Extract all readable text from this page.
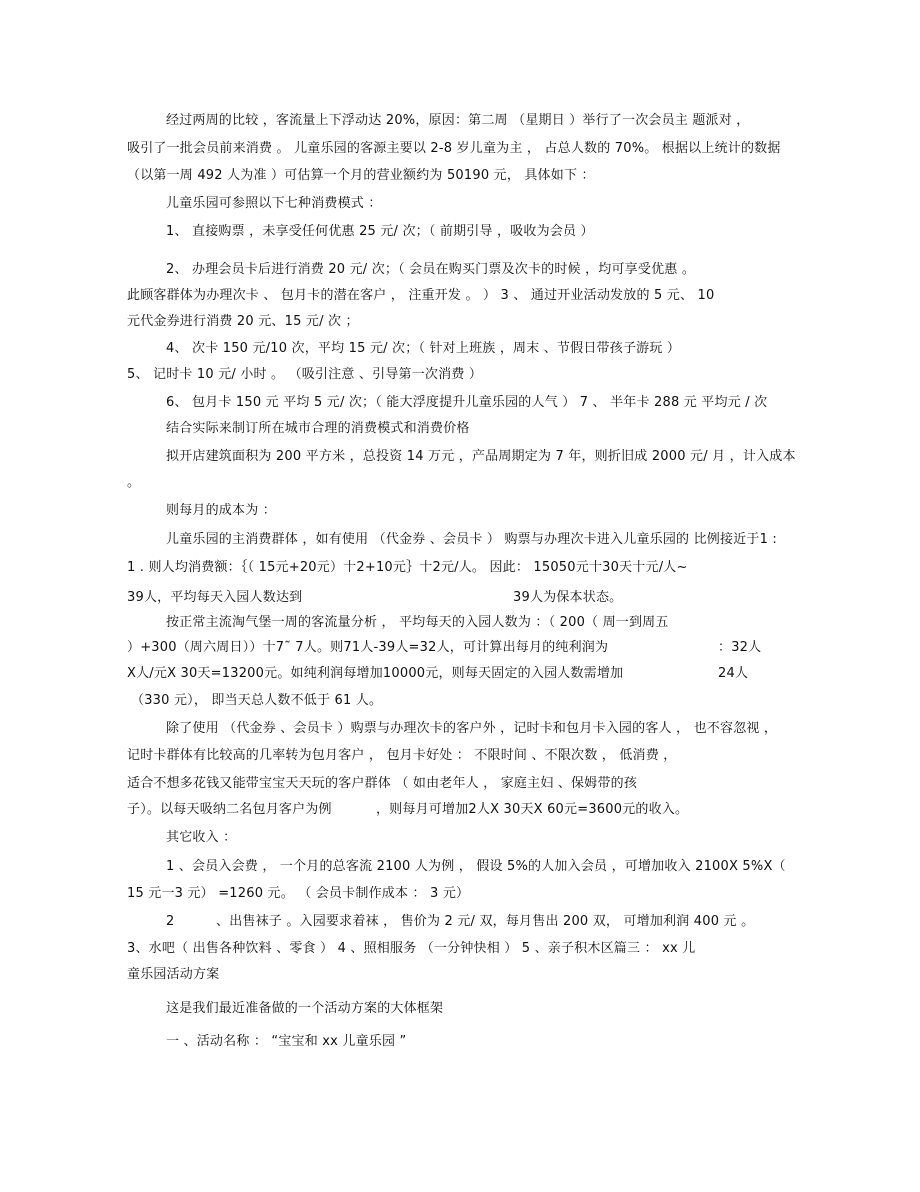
经过两周的比较 ，客流量上下浮动达 20%，原因：第二周 （星期日 ）举行了一次会员主 题派对 ，
吸引了一批会员前来消费 。 儿童乐园的客源主要以 2-8 岁儿童为主 ， 占总人数的 70%。 根据以上统计的数据
（以第一周 492 人为准 ）可估算一个月的营业额约为 50190 元， 具体如下 ：
儿童乐园可参照以下七种消费模式 ：
1、 直接购票 ，未享受任何优惠 25 元/ 次；（ 前期引导 ，吸收为会员 ）
2、 办理会员卡后进行消费 20 元/ 次；（ 会员在购买门票及次卡的时候 ，均可享受优惠 。
此顾客群体为办理次卡 、 包月卡的潜在客户 ， 注重开发 。 ） 3 、 通过开业活动发放的 5 元、 10
元代金券进行消费 20 元、15 元/ 次 ；
4、 次卡 150 元/10 次，平均 15 元/ 次；（ 针对上班族 ，周末 、节假日带孩子游玩 ）
5、 记时卡 10 元/ 小时 。 （吸引注意 、引导第一次消费 ）
6、 包月卡 150 元 平均 5 元/ 次；（ 能大浮度提升儿童乐园的人气 ） 7 、 半年卡 288 元 平均元 / 次
结合实际来制订所在城市合理的消费模式和消费价格
拟开店建筑面积为 200 平方米 ，总投资 14 万元 ，产品周期定为 7 年，则折旧成 2000 元/ 月 ，计入成本
。
则每月的成本为 ：
儿童乐园的主消费群体 ，如有使用 （代金券 、会员卡 ） 购票与办理次卡进入儿童乐园的 比例接近于1 :
1 . 则人均消费额：｛（ 15元+20元）十2+10元｝十2元/人。 因此： 15050元十30天十元/人~
39人，平均每天入园人数达到	39人为保本状态。
按正常主流淘气堡一周的客流量分析 ， 平均每天的入园人数为 ：（ 200（ 周一到周五
）+300（周六周日））十7˜ 7人。则71人-39人=32人，可计算出每月的纯利润为	：32人
X人/元X 30天=13200元。如纯利润每增加10000元，则每天固定的入园人数需增加	24人
（330 元）， 即当天总人数不低于 61 人。
除了使用 （代金券 、会员卡 ）购票与办理次卡的客户外 ，记时卡和包月卡入园的客人 ， 也不容忽视 ，
记时卡群体有比较高的几率转为包月客户 ， 包月卡好处 ： 不限时间 、不限次数 ， 低消费 ，
适合不想多花钱又能带宝宝天天玩的客户群体 （ 如由老年人 ， 家庭主妇 、保姆带的孩
子）。以每天吸纳二名包月客户为例	，则每月可增加2人X 30天X 60元=3600元的收入。
其它收入 ：
1 、会员入会费 ， 一个月的总客流 2100 人为例 ， 假设 5%的人加入会员 ，可增加收入 2100X 5%X（
15 元一3 元） =1260 元。 （ 会员卡制作成本 ： 3 元）
2	、出售袜子 。入园要求着袜 ， 售价为 2 元/ 双，每月售出 200 双， 可增加利润 400 元 。
3、水吧（ 出售各种饮料 、零食 ） 4 、照相服务 （一分钟快相 ） 5 、亲子积木区篇三 ： xx 儿
童乐园活动方案
这是我们最近准备做的一个活动方案的大体框架
一 、活动名称 ： “宝宝和 xx 儿童乐园 ”
